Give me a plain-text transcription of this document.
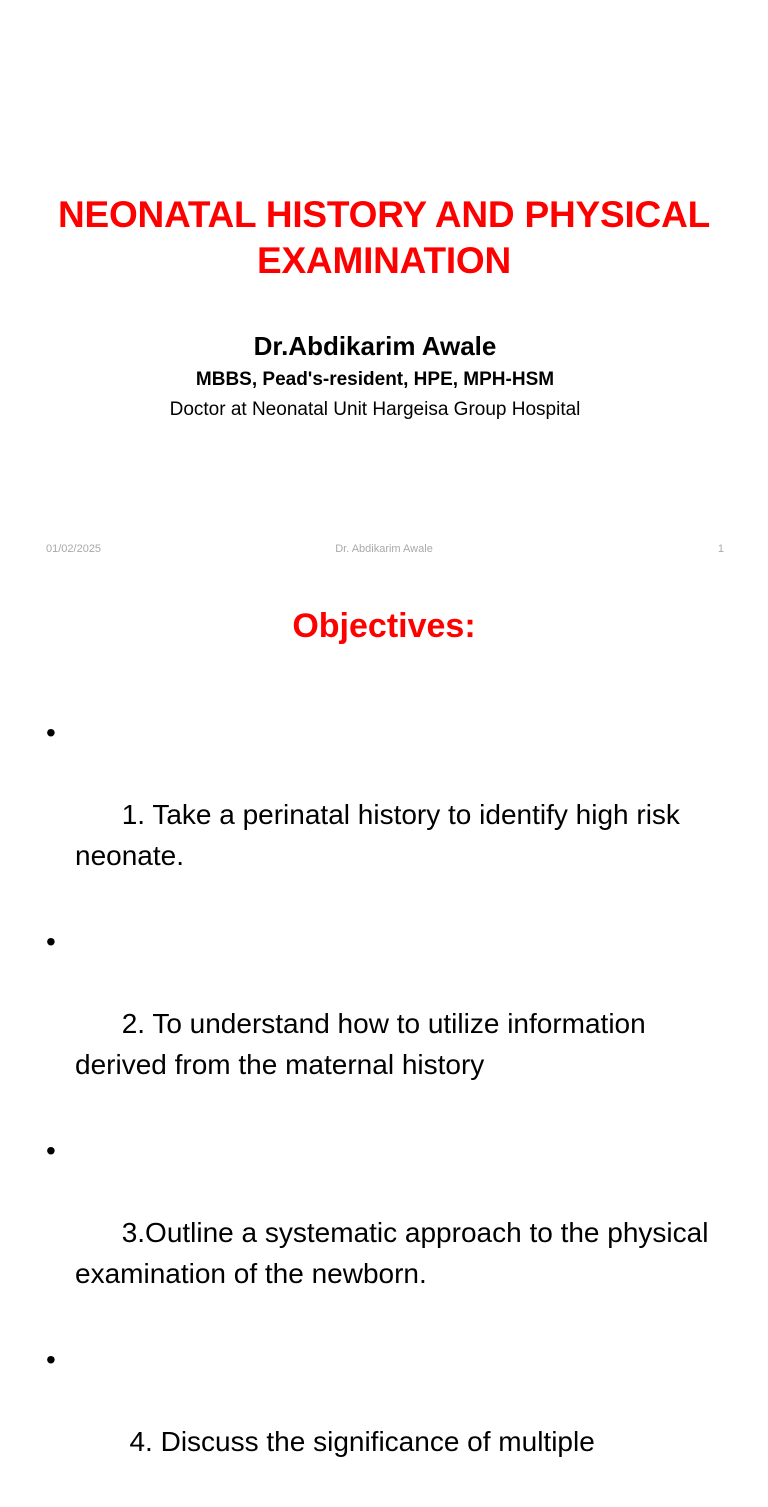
NEONATAL HISTORY AND PHYSICAL EXAMINATION
Dr.Abdikarim Awale
MBBS, Pead's-resident, HPE, MPH-HSM
Doctor at Neonatal Unit Hargeisa Group Hospital
01/02/2025	Dr. Abdikarim Awale	1
Objectives:

•

1. Take a perinatal history to identify high risk neonate.

•

2. To understand how to utilize information derived from the maternal history

•

3.Outline a systematic approach to the physical examination of the newborn.

•

4. Discuss the significance of multiple
